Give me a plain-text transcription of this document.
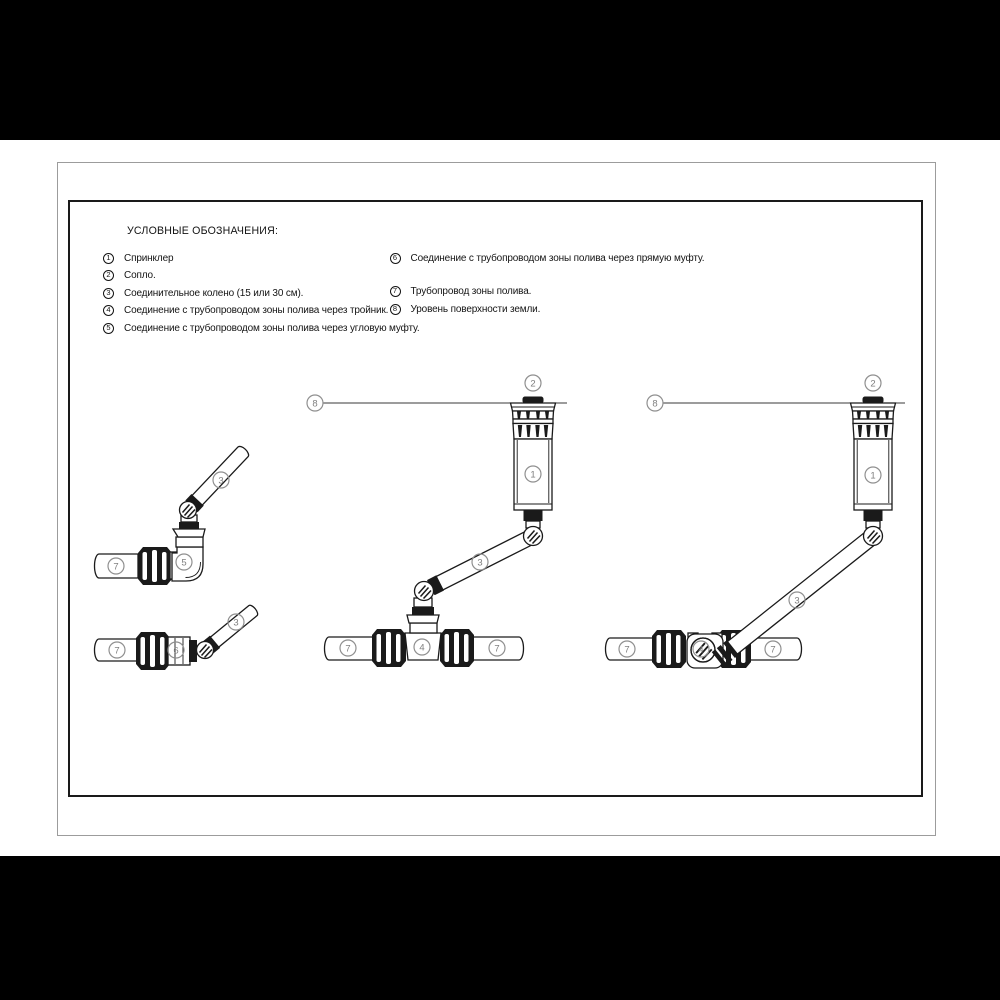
УСЛОВНЫЕ ОБОЗНАЧЕНИЯ:
1	Спринклер
2	Сопло.
3	Соединительное колено (15 или 30 см).
4	Соединение с трубопроводом зоны полива через тройник.
5	Соединение с трубопроводом зоны полива через угловую муфту.
6	Соединение с трубопроводом зоны полива через прямую муфту.
7	Трубопровод зоны полива.
8	Уровень поверхности земли.
3
5
7
3
6
7
2
8
1
3
4
7	7
2
8
1
3
4
7	7
